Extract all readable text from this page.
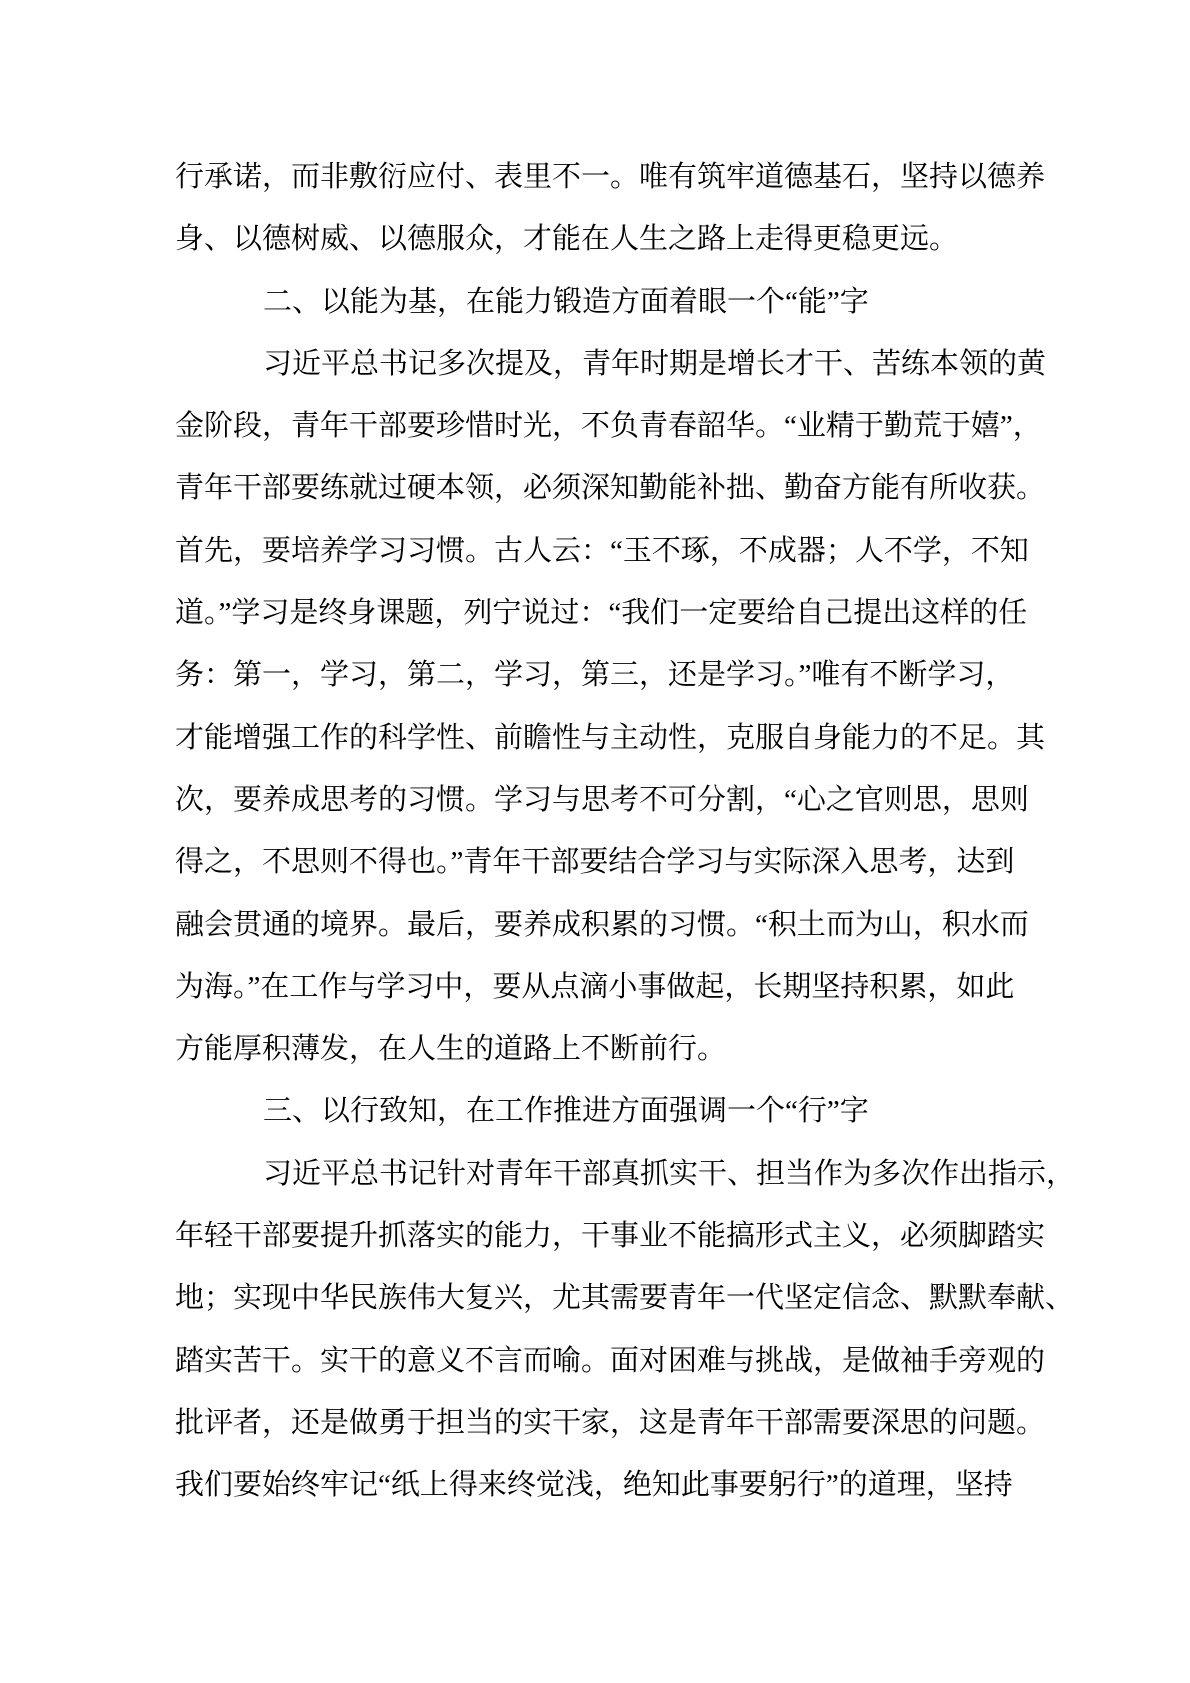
行承诺，而非敷衍应付、表里不一。唯有筑牢道德基石，坚持以德养
身、以德树威、以德服众，才能在人生之路上走得更稳更远。
二、以能为基，在能力锻造方面着眼一个“能”字
习近平总书记多次提及，青年时期是增长才干、苦练本领的黄
金阶段，青年干部要珍惜时光，不负青春韶华。“业精于勤荒于嬉”，
青年干部要练就过硬本领，必须深知勤能补拙、勤奋方能有所收获。
首先，要培养学习习惯。古人云：“玉不琢，不成器；人不学，不知
道。”学习是终身课题，列宁说过：“我们一定要给自己提出这样的任
务：第一，学习，第二，学习，第三，还是学习。”唯有不断学习，
才能增强工作的科学性、前瞻性与主动性，克服自身能力的不足。其
次，要养成思考的习惯。学习与思考不可分割，“心之官则思，思则
得之，不思则不得也。”青年干部要结合学习与实际深入思考，达到
融会贯通的境界。最后，要养成积累的习惯。“积土而为山，积水而
为海。”在工作与学习中，要从点滴小事做起，长期坚持积累，如此
方能厚积薄发，在人生的道路上不断前行。
三、以行致知，在工作推进方面强调一个“行”字
习近平总书记针对青年干部真抓实干、担当作为多次作出指示，
年轻干部要提升抓落实的能力，干事业不能搞形式主义，必须脚踏实
地；实现中华民族伟大复兴，尤其需要青年一代坚定信念、默默奉献、
踏实苦干。实干的意义不言而喻。面对困难与挑战，是做袖手旁观的
批评者，还是做勇于担当的实干家，这是青年干部需要深思的问题。
我们要始终牢记“纸上得来终觉浅，绝知此事要躬行”的道理，坚持
